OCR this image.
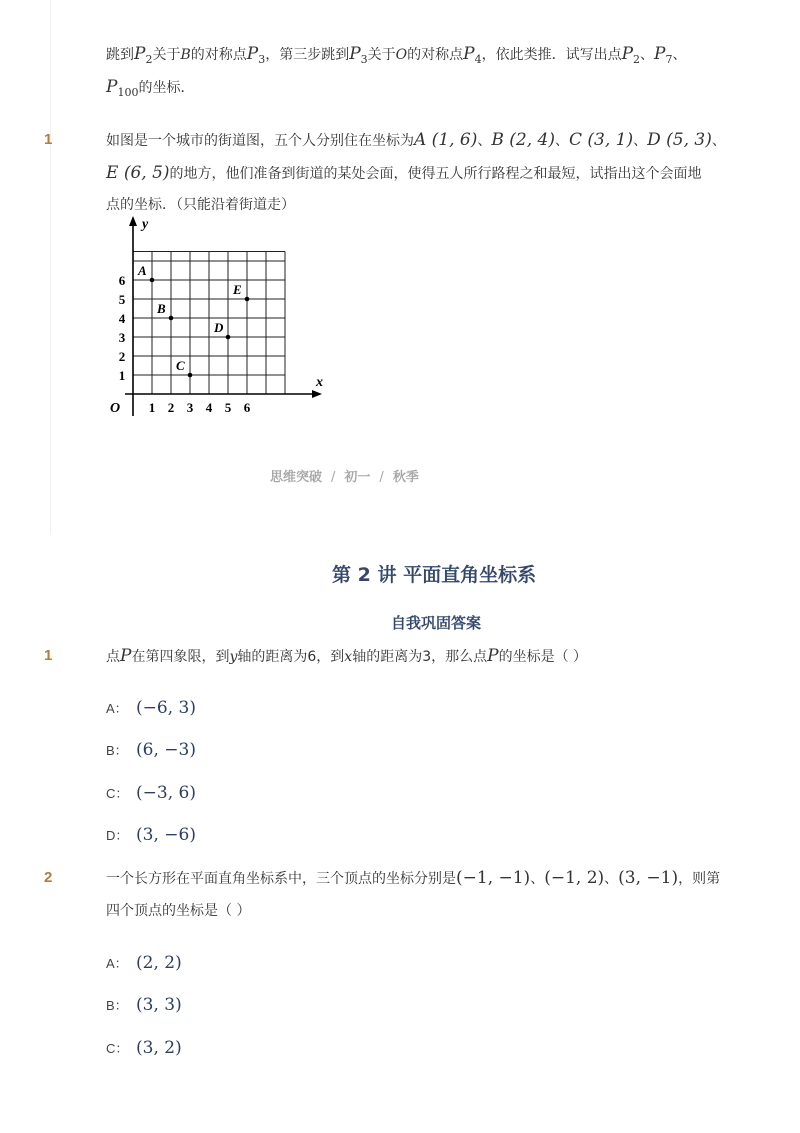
跳到$P_2$关于B的对称点$P_3$，第三步跳到$P_3$关于O的对称点$P_4$，依此类推．试写出点$P_2$、$P_7$、
$P_{100}$的坐标．
1	如图是一个城市的街道图，五个人分别住在坐标为A (1, 6)、B (2, 4)、C (3, 1)、D (5, 3)、
E (6, 5)的地方，他们准备到街道的某处会面，使得五人所行路程之和最短，试指出这个会面地
点的坐标．（只能沿着街道走）
y
x
O 1 2 3 4 5 6
1
2
3
4
5
6
A
B
C
D
E
思维突破 / 初一 / 秋季
第 2 讲 平面直角坐标系
自我巩固答案
1	点P在第四象限，到y轴的距离为6，到x轴的距离为3，那么点P的坐标是（ ）
A： (−6, 3)
B： (6, −3)
C： (−3, 6)
D： (3, −6)
2	一个长方形在平面直角坐标系中，三个顶点的坐标分别是(−1, −1)、(−1, 2)、(3, −1)，则第
四个顶点的坐标是（ ）
A： (2, 2)
B： (3, 3)
C： (3, 2)
